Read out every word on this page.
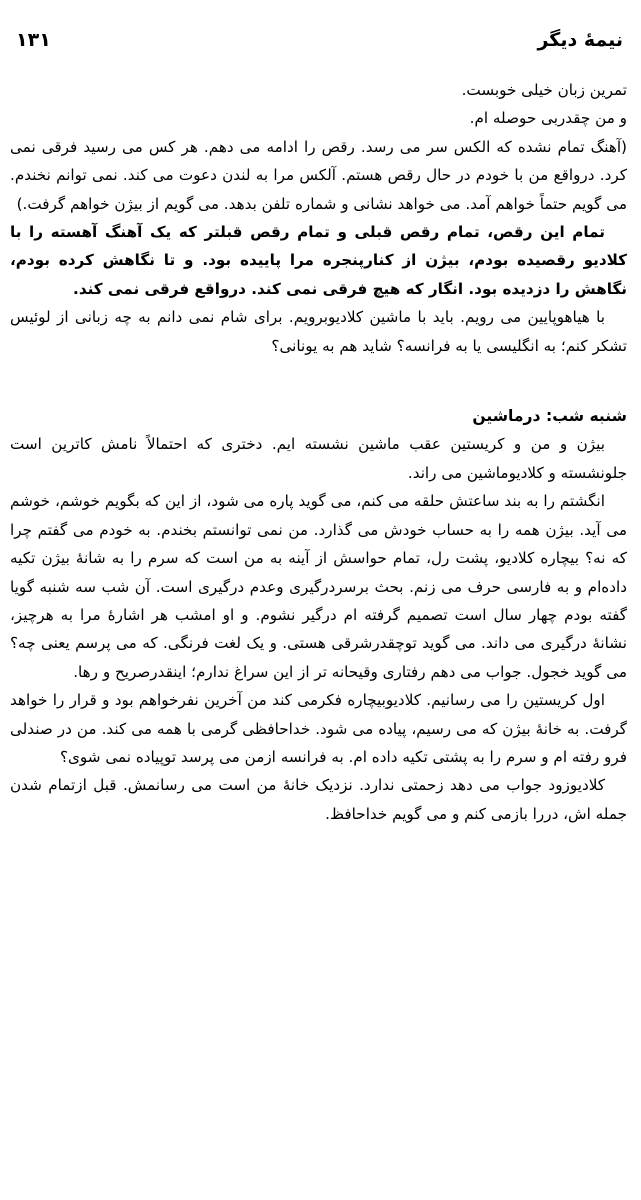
نیمهٔ دیگر
۱۳۱

تمرین زبان خیلی خوبست.

و من چقدربی حوصله ام.

(آهنگ تمام نشده که الکس سر می رسد. رقص را ادامه می دهم. هر کس می رسید فرقی نمی کرد. درواقع من با خودم در حال رقص هستم. آلکس مرا به لندن دعوت می کند. نمی توانم نخندم. می گویم حتماً خواهم آمد. می خواهد نشانی و شماره تلفن بدهد. می گویم از بیژن خواهم گرفت.)

تمام این رقص، تمام رقص قبلی و تمام رقص قبلتر که یک آهنگ آهسته را با کلادیو رقصیده بودم، بیژن از کنارپنجره مرا پاییده بود. و تا نگاهش کرده بودم، نگاهش را دزدیده بود. انگار که هیچ فرقی نمی کند. درواقع فرقی نمی کند.

با هیاهوپایین می رویم. باید با ماشین کلادیوبرویم. برای شام نمی دانم به چه زبانی از لوئیس تشکر کنم؛ به انگلیسی یا به فرانسه؟ شاید هم به یونانی؟

شنبه شب: درماشین

بیژن و من و کریستین عقب ماشین نشسته ایم. دختری که احتمالاً نامش کاترین است جلونشسته و کلادیوماشین می راند.

انگشتم را به بند ساعتش حلقه می کنم، می گوید پاره می شود، از این که بگویم خوشم، خوشم می آید. بیژن همه را به حساب خودش می گذارد. من نمی توانستم بخندم. به خودم می گفتم چرا که نه؟ بیچاره کلادیو، پشت رل، تمام حواسش از آینه به من است که سرم را به شانهٔ بیژن تکیه داده‌ام و به فارسی حرف می زنم. بحث برسردرگیری وعدم درگیری است. آن شب سه شنبه گویا گفته بودم چهار سال است تصمیم گرفته ام درگیر نشوم. و او امشب هر اشارهٔ مرا به هرچیز، نشانهٔ درگیری می داند. می گوید توچقدرشرقی هستی. و یک لغت فرنگی. که می پرسم یعنی چه؟ می گوید خجول. جواب می دهم رفتاری وقیحانه تر از این سراغ ندارم؛ اینقدرصریح و رها.

اول کریستین را می رسانیم. کلادیوبیچاره فکرمی کند من آخرین نفرخواهم بود و قرار را خواهد گرفت. به خانهٔ بیژن که می رسیم، پیاده می شود. خداحافظی گرمی با همه می کند. من در صندلی فرو رفته ام و سرم را به پشتی تکیه داده ام. به فرانسه ازمن می پرسد توپیاده نمی شوی؟

کلادیوزود جواب می دهد زحمتی ندارد. نزدیک خانهٔ من است می رسانمش. قبل ازتمام شدن جمله اش، دررا بازمی کنم و می گویم خداحافظ.
